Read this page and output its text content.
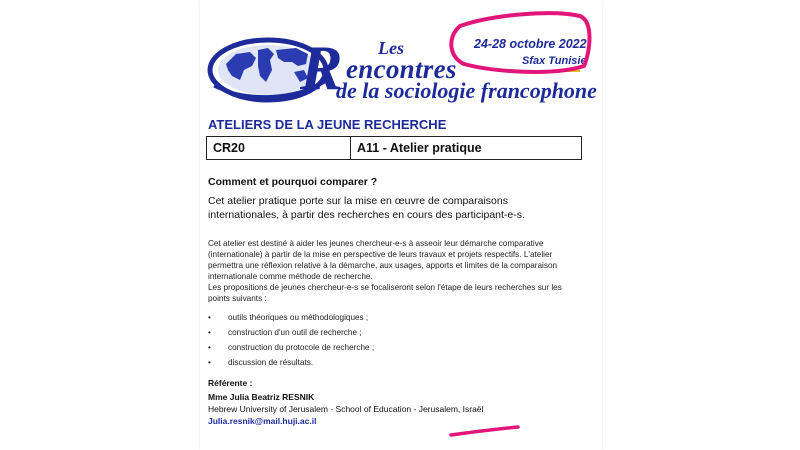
Les
R encontres
de la sociologie francophone
24-28 octobre 2022
Sfax Tunisie
ATELIERS DE LA JEUNE RECHERCHE
CR20	A11 - Atelier pratique
Comment et pourquoi comparer ?
Cet atelier pratique porte sur la mise en œuvre de comparaisons internationales, à partir des recherches en cours des participant-e-s.

Cet atelier est destiné à aider les jeunes chercheur-e-s à asseoir leur démarche comparative (internationale) à partir de la mise en perspective de leurs travaux et projets respectifs. L'atelier permettra une réflexion relative à la démarche, aux usages, apports et limites de la comparaison internationale comme méthode de recherche.

Les propositions de jeunes chercheur-e-s se focaliseront selon l'étape de leurs recherches sur les points suivants :

•	outils théoriques ou méthodologiques ;
•	construction d'un outil de recherche ;
•	construction du protocole de recherche ;
•	discussion de résultats.
Référente :
Mme Julia Beatriz RESNIK
Hebrew University of Jerusalem - School of Education - Jerusalem, Israël
Julia.resnik@mail.huji.ac.il
